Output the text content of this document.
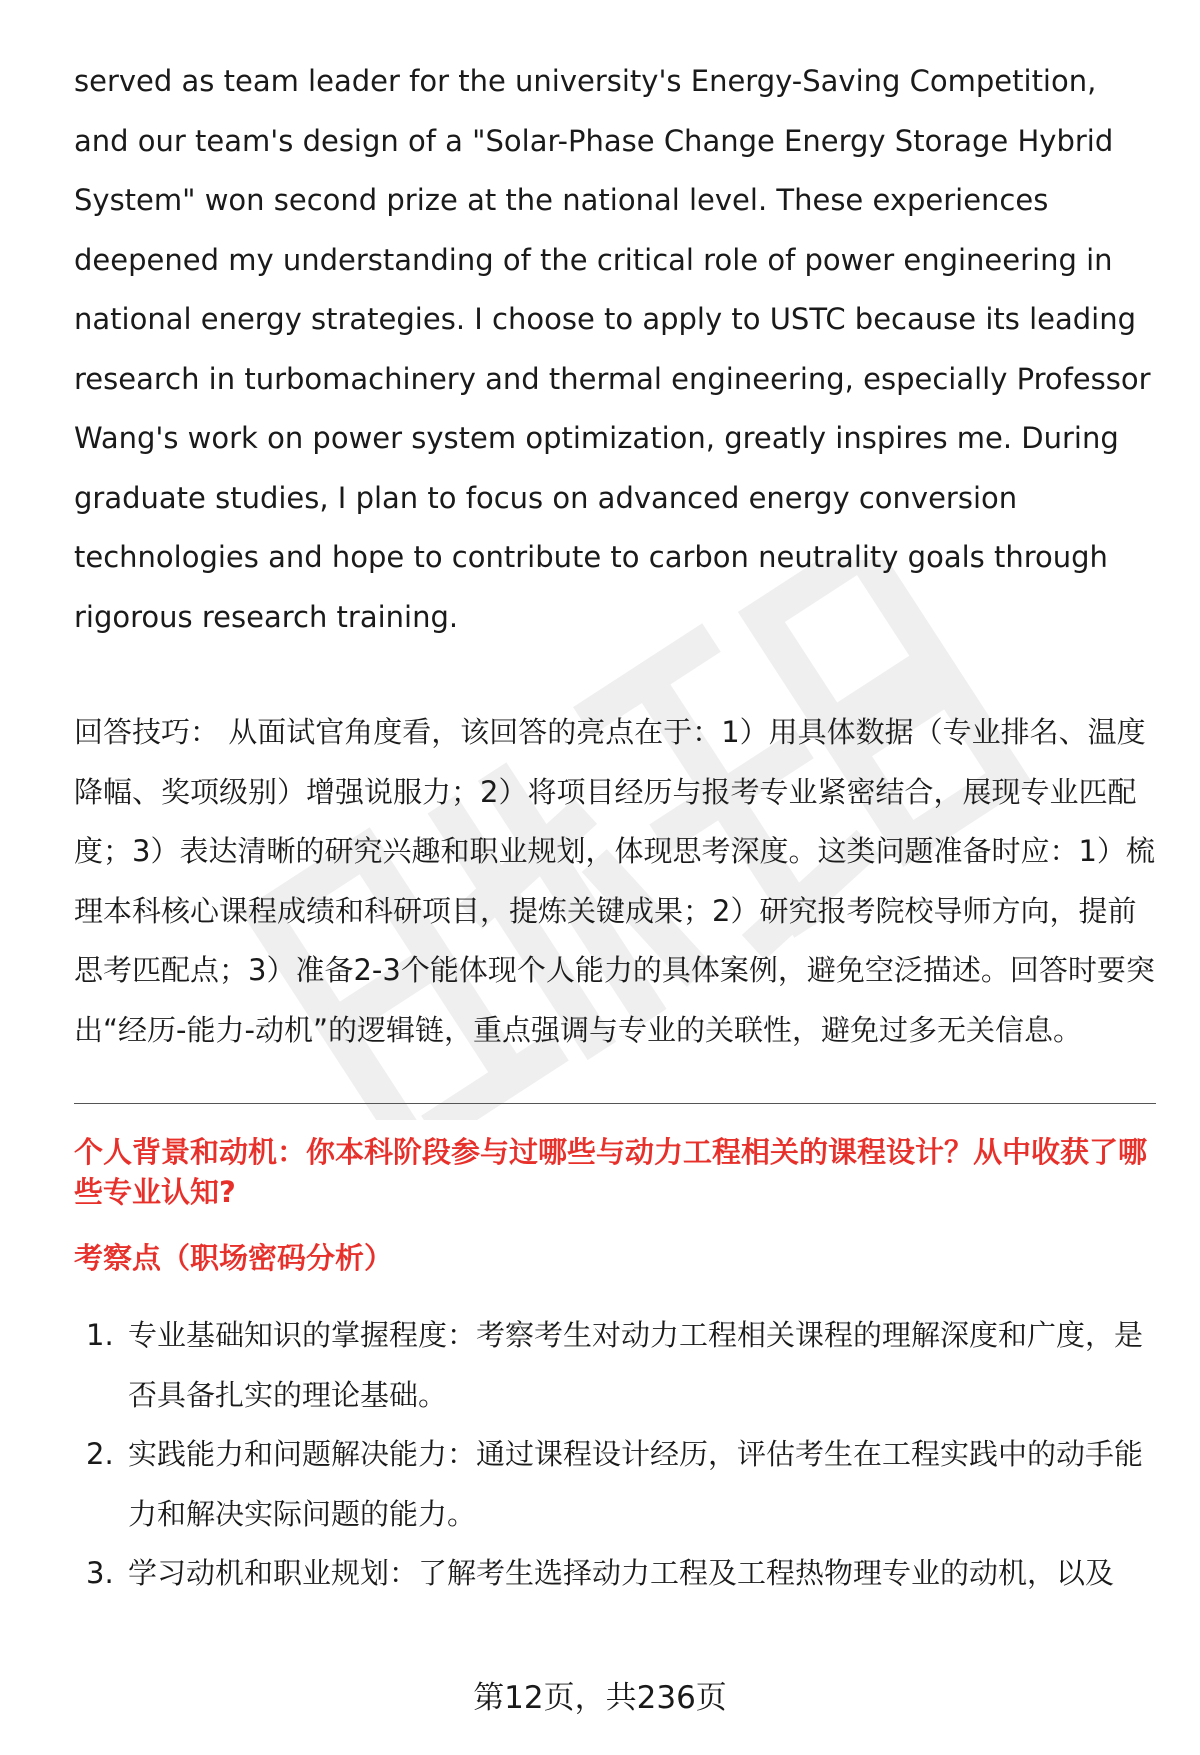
served as team leader for the university's Energy-Saving Competition, and our team's design of a "Solar-Phase Change Energy Storage Hybrid System" won second prize at the national level. These experiences deepened my understanding of the critical role of power engineering in national energy strategies. I choose to apply to USTC because its leading research in turbomachinery and thermal engineering, especially Professor Wang's work on power system optimization, greatly inspires me. During graduate studies, I plan to focus on advanced energy conversion technologies and hope to contribute to carbon neutrality goals through rigorous research training.

回答技巧： 从面试官角度看，该回答的亮点在于：1）用具体数据（专业排名、温度降幅、奖项级别）增强说服力；2）将项目经历与报考专业紧密结合，展现专业匹配度；3）表达清晰的研究兴趣和职业规划，体现思考深度。这类问题准备时应：1）梳理本科核心课程成绩和科研项目，提炼关键成果；2）研究报考院校导师方向，提前思考匹配点；3）准备2-3个能体现个人能力的具体案例，避免空泛描述。回答时要突出“经历-能力-动机”的逻辑链，重点强调与专业的关联性，避免过多无关信息。

个人背景和动机：你本科阶段参与过哪些与动力工程相关的课程设计？从中收获了哪些专业认知?
考察点（职场密码分析）
1. 专业基础知识的掌握程度：考察考生对动力工程相关课程的理解深度和广度，是否具备扎实的理论基础。
2. 实践能力和问题解决能力：通过课程设计经历，评估考生在工程实践中的动手能力和解决实际问题的能力。
3. 学习动机和职业规划：了解考生选择动力工程及工程热物理专业的动机，以及
第12页，共236页
